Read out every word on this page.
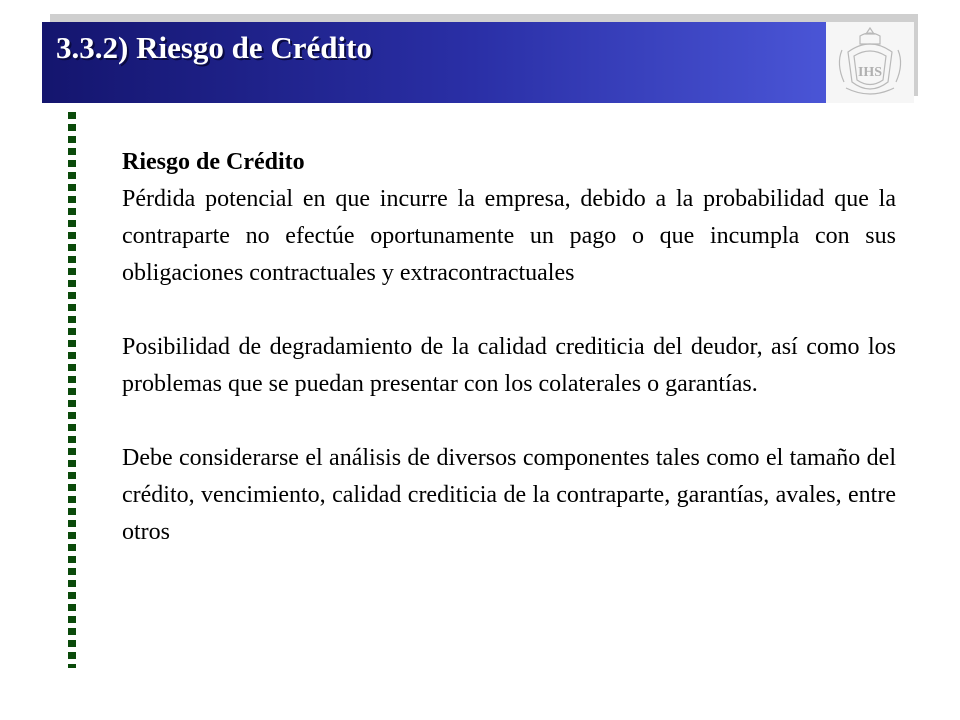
3.3.2) Riesgo de Crédito
IHS

Riesgo de Crédito

Pérdida potencial en que incurre la empresa, debido a la probabilidad que la contraparte no efectúe oportunamente un pago o que incumpla con sus obligaciones contractuales y extracontractuales

Posibilidad de degradamiento de la calidad crediticia del deudor, así como los problemas que se puedan presentar con los colaterales o garantías.

Debe considerarse el análisis de diversos componentes tales como el tamaño del crédito, vencimiento, calidad crediticia de la contraparte, garantías, avales, entre otros
